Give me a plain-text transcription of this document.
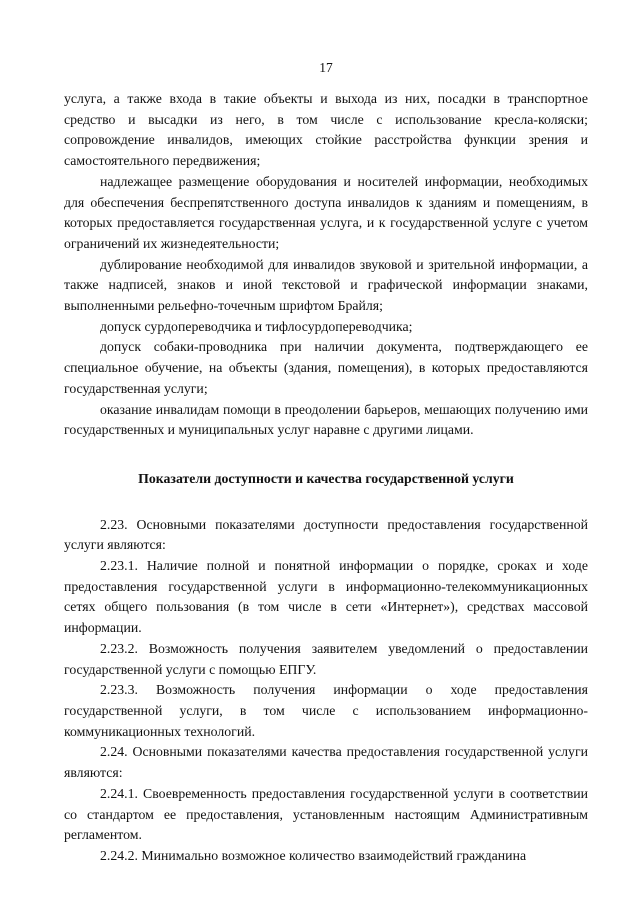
17

услуга, а также входа в такие объекты и выхода из них, посадки в транспортное средство и высадки из него, в том числе с использование кресла-коляски; сопровождение инвалидов, имеющих стойкие расстройства функции зрения и самостоятельного передвижения;

надлежащее размещение оборудования и носителей информации, необходимых для обеспечения беспрепятственного доступа инвалидов к зданиям и помещениям, в которых предоставляется государственная услуга, и к государственной услуге с учетом ограничений их жизнедеятельности;

дублирование необходимой для инвалидов звуковой и зрительной информации, а также надписей, знаков и иной текстовой и графической информации знаками, выполненными рельефно-точечным шрифтом Брайля;

допуск сурдопереводчика и тифлосурдопереводчика;

допуск собаки-проводника при наличии документа, подтверждающего ее специальное обучение, на объекты (здания, помещения), в которых предоставляются государственная услуги;

оказание инвалидам помощи в преодолении барьеров, мешающих получению ими государственных и муниципальных услуг наравне с другими лицами.

Показатели доступности и качества государственной услуги

2.23. Основными показателями доступности предоставления государственной услуги являются:

2.23.1. Наличие полной и понятной информации о порядке, сроках и ходе предоставления государственной услуги в информационно-телекоммуникационных сетях общего пользования (в том числе в сети «Интернет»), средствах массовой информации.

2.23.2. Возможность получения заявителем уведомлений о предоставлении государственной услуги с помощью ЕПГУ.

2.23.3. Возможность получения информации о ходе предоставления государственной услуги, в том числе с использованием информационно-коммуникационных технологий.

2.24. Основными показателями качества предоставления государственной услуги являются:

2.24.1. Своевременность предоставления государственной услуги в соответствии со стандартом ее предоставления, установленным настоящим Административным регламентом.

2.24.2. Минимально возможное количество взаимодействий гражданина
